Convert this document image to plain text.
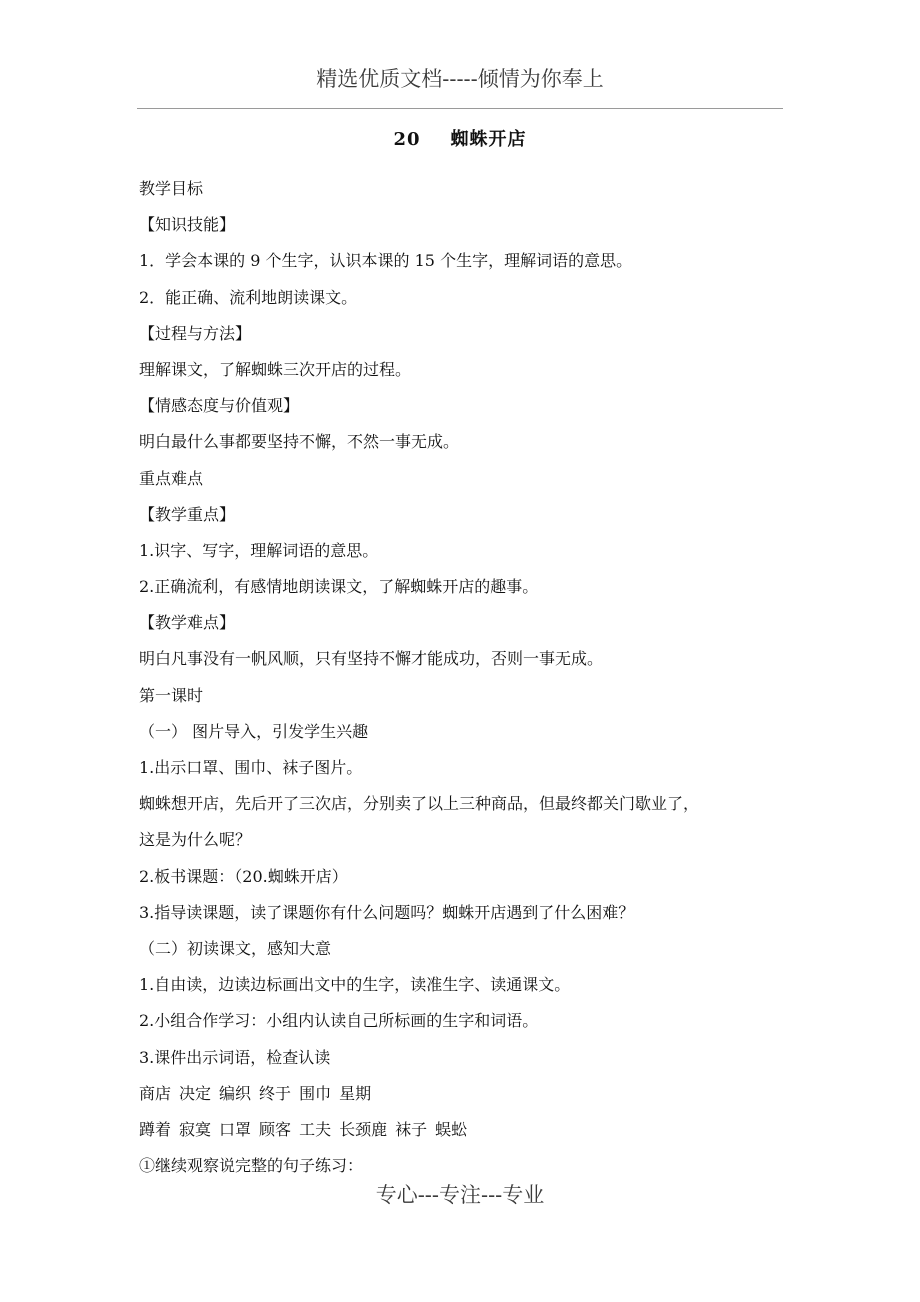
精选优质文档-----倾情为你奉上
20 蜘蛛开店
教学目标
【知识技能】
1．学会本课的 9 个生字，认识本课的 15 个生字，理解词语的意思。
2．能正确、流利地朗读课文。
【过程与方法】
理解课文，了解蜘蛛三次开店的过程。
【情感态度与价值观】
明白最什么事都要坚持不懈，不然一事无成。
重点难点
【教学重点】
1.识字、写字，理解词语的意思。
2.正确流利，有感情地朗读课文，了解蜘蛛开店的趣事。
【教学难点】
明白凡事没有一帆风顺，只有坚持不懈才能成功，否则一事无成。
第一课时
（一） 图片导入，引发学生兴趣
1.出示口罩、围巾、袜子图片。
蜘蛛想开店，先后开了三次店，分别卖了以上三种商品，但最终都关门歇业了，
这是为什么呢？
2.板书课题：（20.蜘蛛开店）
3.指导读课题，读了课题你有什么问题吗？蜘蛛开店遇到了什么困难？
（二）初读课文，感知大意
1.自由读，边读边标画出文中的生字，读准生字、读通课文。
2.小组合作学习：小组内认读自己所标画的生字和词语。
3.课件出示词语，检查认读
商店 决定 编织 终于 围巾 星期
蹲着 寂寞 口罩 顾客 工夫 长颈鹿 袜子 蜈蚣
①继续观察说完整的句子练习：
专心---专注---专业
